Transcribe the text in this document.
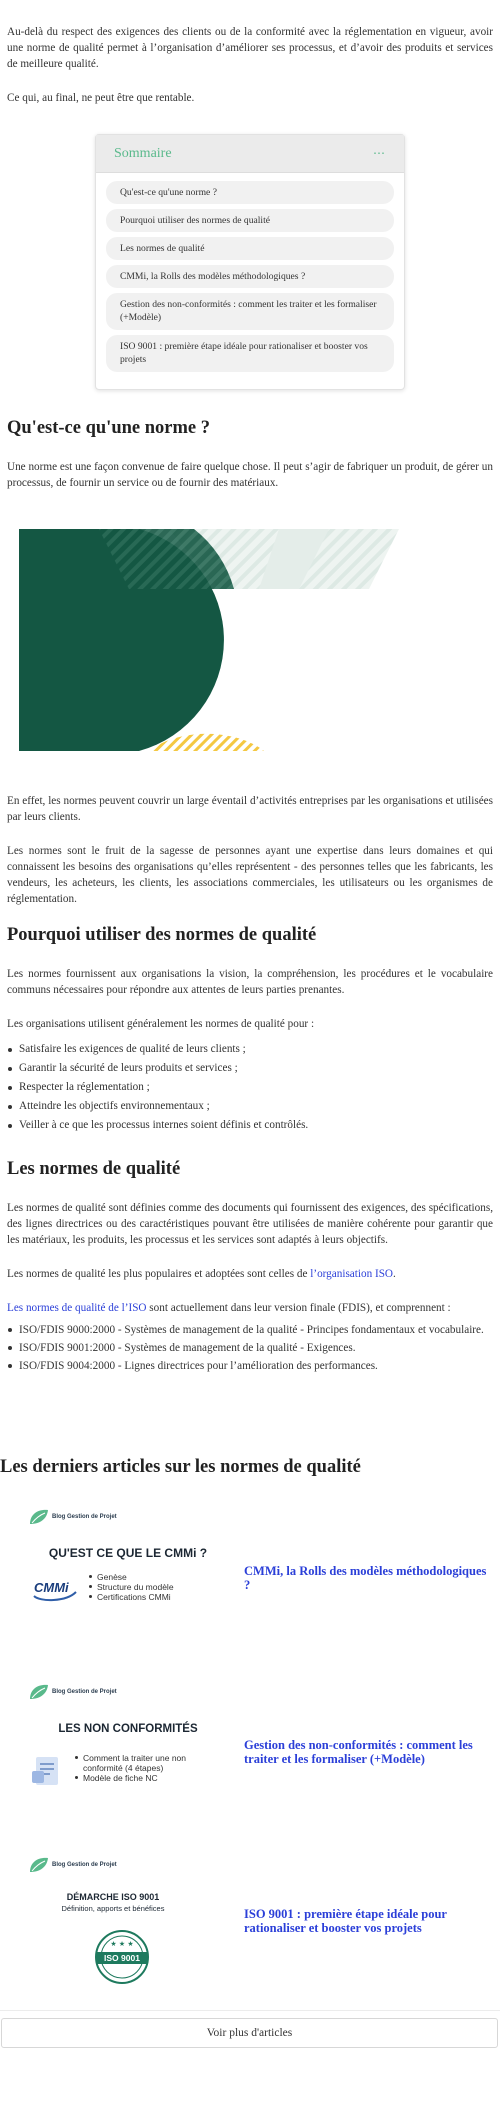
Au-delà du respect des exigences des clients ou de la conformité avec la réglementation en vigueur, avoir une norme de qualité permet à l’organisation d’améliorer ses processus, et d’avoir des produits et services de meilleure qualité.

Ce qui, au final, ne peut être que rentable.

Sommaire	⋯
Qu'est-ce qu'une norme ?
Pourquoi utiliser des normes de qualité
Les normes de qualité
CMMi, la Rolls des modèles méthodologiques ?
Gestion des non-conformités : comment les traiter et les formaliser (+Modèle)
ISO 9001 : première étape idéale pour rationaliser et booster vos projets
Qu'est-ce qu'une norme ?

Une norme est une façon convenue de faire quelque chose. Il peut s’agir de fabriquer un produit, de gérer un processus, de fournir un service ou de fournir des matériaux.

En effet, les normes peuvent couvrir un large éventail d’activités entreprises par les organisations et utilisées par leurs clients.

Les normes sont le fruit de la sagesse de personnes ayant une expertise dans leurs domaines et qui connaissent les besoins des organisations qu’elles représentent - des personnes telles que les fabricants, les vendeurs, les acheteurs, les clients, les associations commerciales, les utilisateurs ou les organismes de réglementation.

Pourquoi utiliser des normes de qualité

Les normes fournissent aux organisations la vision, la compréhension, les procédures et le vocabulaire communs nécessaires pour répondre aux attentes de leurs parties prenantes.

Les organisations utilisent généralement les normes de qualité pour :

Satisfaire les exigences de qualité de leurs clients ;
Garantir la sécurité de leurs produits et services ;
Respecter la réglementation ;
Atteindre les objectifs environnementaux ;
Veiller à ce que les processus internes soient définis et contrôlés.
Les normes de qualité

Les normes de qualité sont définies comme des documents qui fournissent des exigences, des spécifications, des lignes directrices ou des caractéristiques pouvant être utilisées de manière cohérente pour garantir que les matériaux, les produits, les processus et les services sont adaptés à leurs objectifs.

Les normes de qualité les plus populaires et adoptées sont celles de l’organisation ISO.

Les normes de qualité de l’ISO sont actuellement dans leur version finale (FDIS), et comprennent :

ISO/FDIS 9000:2000 - Systèmes de management de la qualité - Principes fondamentaux et vocabulaire.
ISO/FDIS 9001:2000 - Systèmes de management de la qualité - Exigences.
ISO/FDIS 9004:2000 - Lignes directrices pour l’amélioration des performances.
Les derniers articles sur les normes de qualité
Blog Gestion de Projet
QU'EST CE QUE LE CMMi ?
CMMi
Genèse
Structure du modèle
Certifications CMMi
CMMi, la Rolls des modèles méthodologiques ?
Blog Gestion de Projet
LES NON CONFORMITÉS
Comment la traiter une non conformité (4 étapes)
Modèle de fiche NC
Gestion des non-conformités : comment les traiter et les formaliser (+Modèle)
Blog Gestion de Projet
DÉMARCHE ISO 9001
Définition, apports et bénéfices
★ ★ ★
ISO 9001
ISO 9001 : première étape idéale pour rationaliser et booster vos projets
Voir plus d'articles
